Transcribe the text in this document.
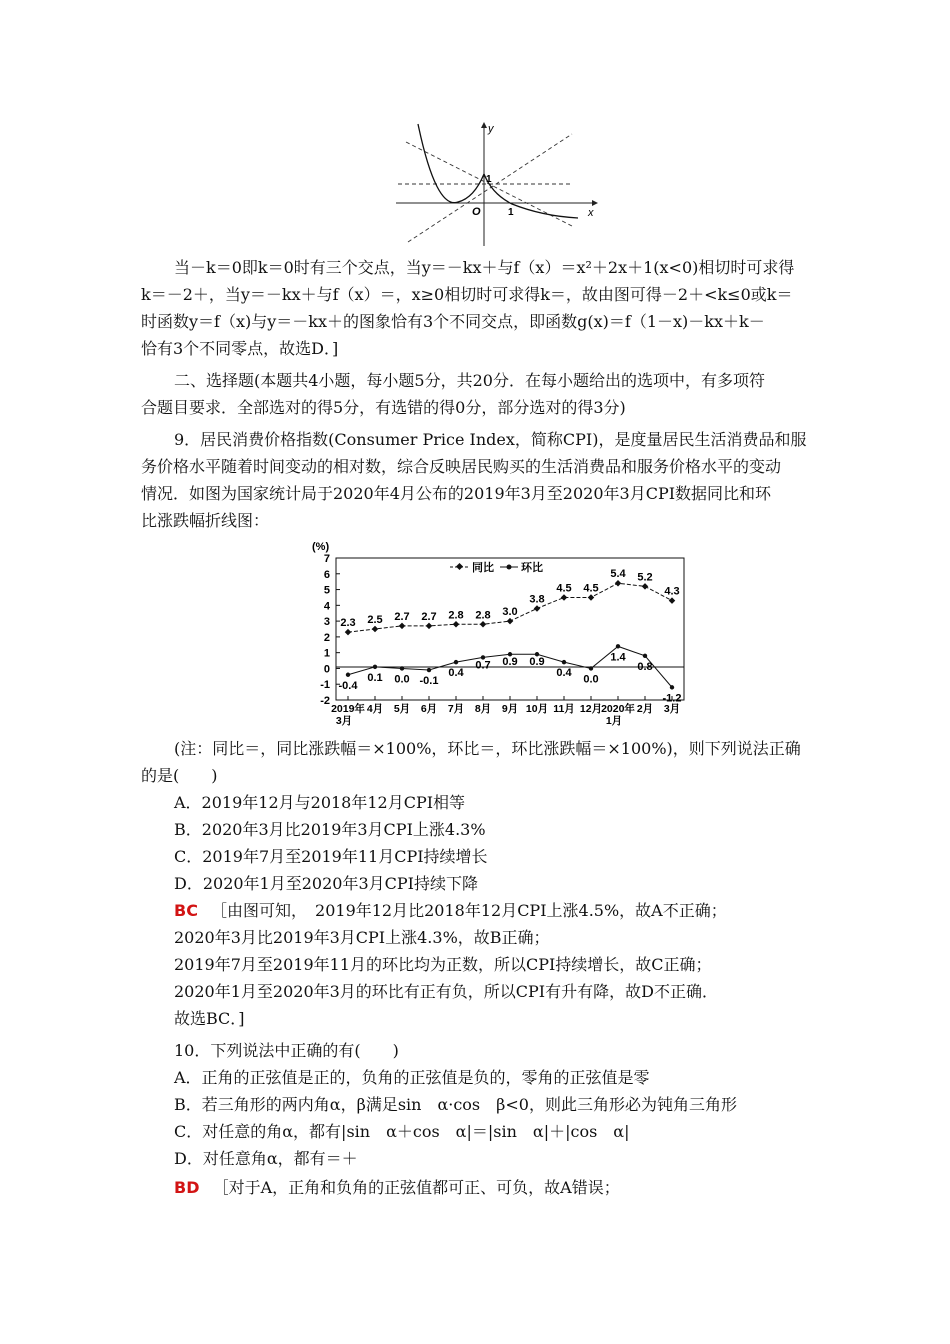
y
x
1
O	1
当－k＝0即k＝0时有三个交点，当y＝－kx＋与f（x）＝x²＋2x＋1(x<0)相切时可求得
k＝－2＋，当y＝－kx＋与f（x）＝，x≥0相切时可求得k＝，故由图可得－2＋<k≤0或k＝
时函数y＝f（x)与y＝－kx＋的图象恰有3个不同交点，即函数g(x)＝f（1－x)－kx＋k－
恰有3个不同零点，故选D．]
二、选择题(本题共4小题，每小题5分，共20分．在每小题给出的选项中，有多项符
合题目要求．全部选对的得5分，有选错的得0分，部分选对的得3分)
9．居民消费价格指数(Consumer Price Index，简称CPI)，是度量居民生活消费品和服
务价格水平随着时间变动的相对数，综合反映居民购买的生活消费品和服务价格水平的变动
情况．如图为国家统计局于2020年4月公布的2019年3月至2020年3月CPI数据同比和环
比涨跌幅折线图：
(%)
7
6
5
4
3
2
1
0
-1
-2
2019年
3月
4月 5月 6月 7月 8月 9月 10月 11月 12月
2020年
1月
2月 3月
2.3 2.5 2.7 2.7 2.8 2.8 3.0
3.8
4.5 4.5
5.4 5.2
4.3
-0.4
0.1 0.0 -0.1
0.4
0.7 0.9 0.9
0.4
0.0
1.4
0.8
-1.2
同比 环比
(注：同比＝，同比涨跌幅＝×100%，环比＝，环比涨跌幅＝×100%)，则下列说法正确
的是(　　)
A．2019年12月与2018年12月CPI相等
B．2020年3月比2019年3月CPI上涨4.3%
C．2019年7月至2019年11月CPI持续增长
D．2020年1月至2020年3月CPI持续下降
BC ［由图可知，　2019年12月比2018年12月CPI上涨4.5%，故A不正确；
2020年3月比2019年3月CPI上涨4.3%，故B正确；
2019年7月至2019年11月的环比均为正数，所以CPI持续增长，故C正确；
2020年1月至2020年3月的环比有正有负，所以CPI有升有降，故D不正确．
故选BC．]
10．下列说法中正确的有(　　)
A．正角的正弦值是正的，负角的正弦值是负的，零角的正弦值是零
B．若三角形的两内角α，β满足sin　α·cos　β<0，则此三角形必为钝角三角形
C．对任意的角α，都有|sin　α＋cos　α|＝|sin　α|＋|cos　α|
D．对任意角α，都有＝＋
BD ［对于A，正角和负角的正弦值都可正、可负，故A错误；
